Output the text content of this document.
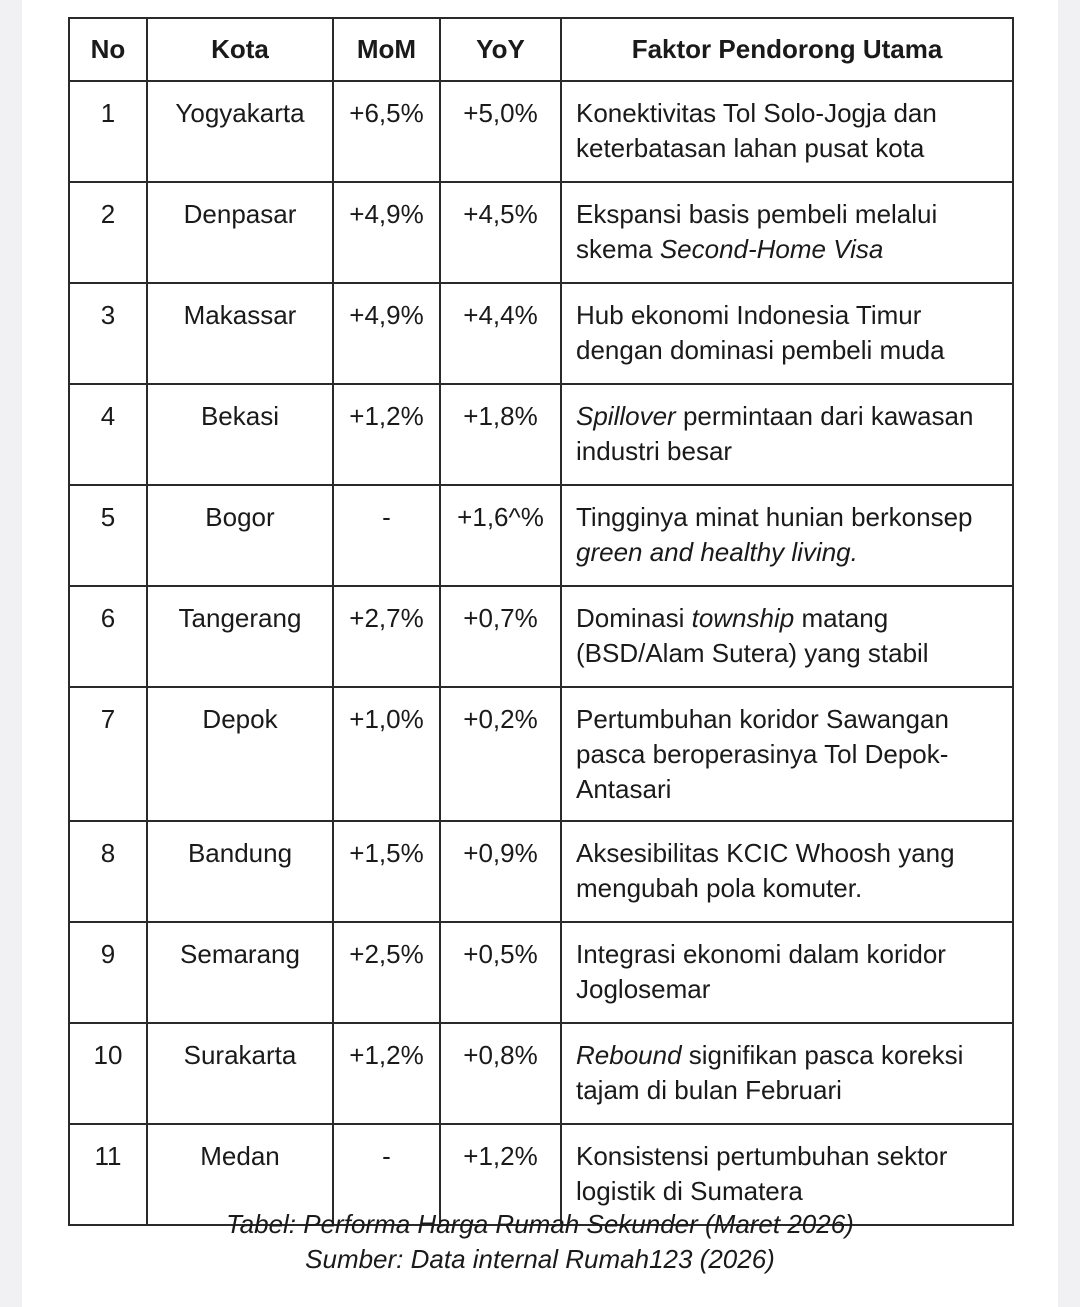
No	Kota	MoM	YoY	Faktor Pendorong Utama
1	Yogyakarta	+6,5%	+5,0%	Konektivitas Tol Solo-Jogja dan keterbatasan lahan pusat kota
2	Denpasar	+4,9%	+4,5%	Ekspansi basis pembeli melalui skema Second-Home Visa
3	Makassar	+4,9%	+4,4%	Hub ekonomi Indonesia Timur dengan dominasi pembeli muda
4	Bekasi	+1,2%	+1,8%	Spillover permintaan dari kawasan industri besar
5	Bogor	-	+1,6^%	Tingginya minat hunian berkonsep green and healthy living.
6	Tangerang	+2,7%	+0,7%	Dominasi township matang (BSD/Alam Sutera) yang stabil
7	Depok	+1,0%	+0,2%	Pertumbuhan koridor Sawangan pasca beroperasinya Tol Depok-Antasari
8	Bandung	+1,5%	+0,9%	Aksesibilitas KCIC Whoosh yang mengubah pola komuter.
9	Semarang	+2,5%	+0,5%	Integrasi ekonomi dalam koridor Joglosemar
10	Surakarta	+1,2%	+0,8%	Rebound signifikan pasca koreksi tajam di bulan Februari
11	Medan	-	+1,2%	Konsistensi pertumbuhan sektor logistik di Sumatera
Tabel: Performa Harga Rumah Sekunder (Maret 2026)
Sumber: Data internal Rumah123 (2026)
